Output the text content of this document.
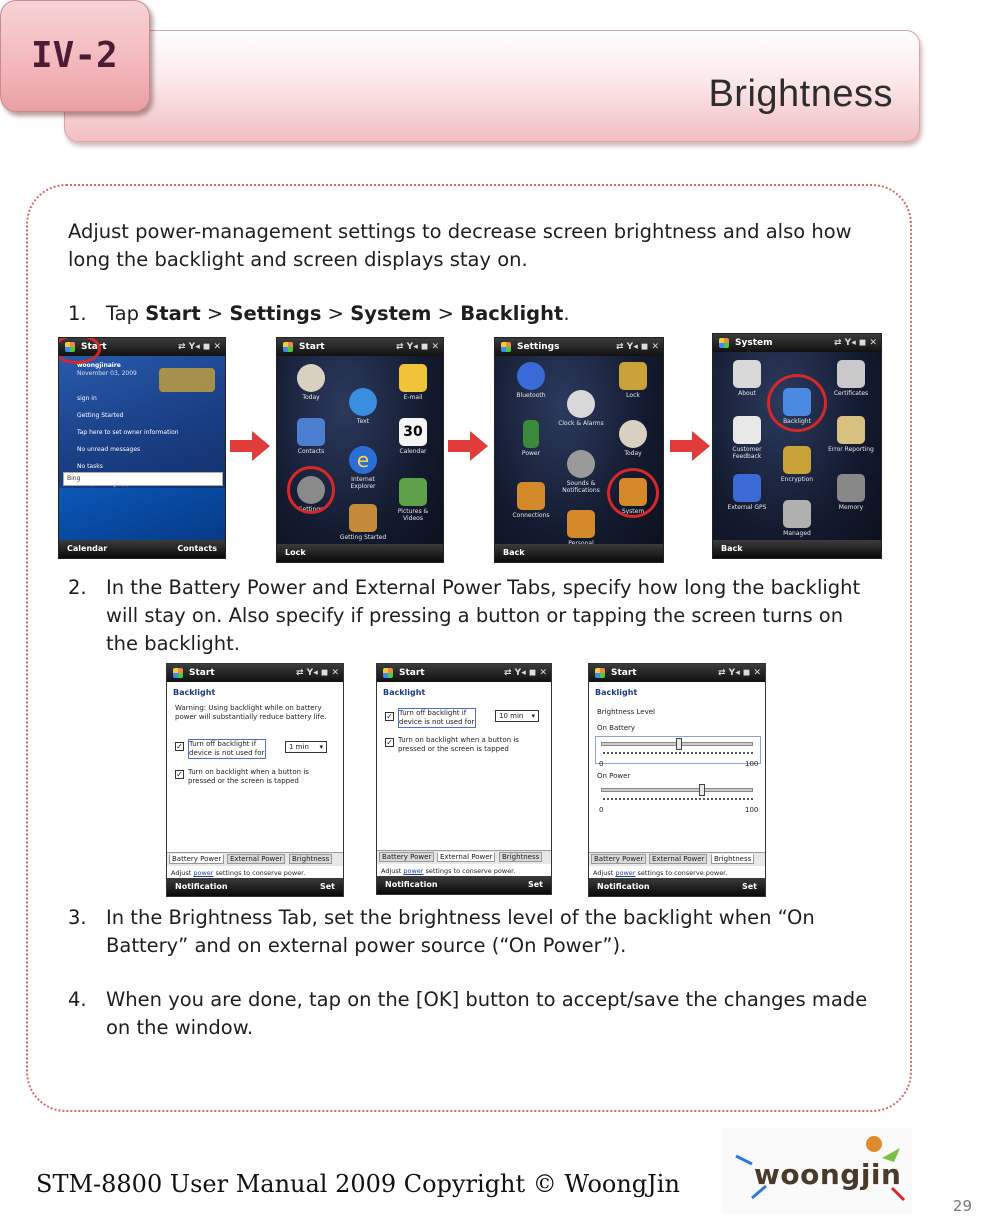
Brightness
IV-2
Adjust power-management settings to decrease screen brightness and also how long the backlight and screen displays stay on.
1. Tap Start > Settings > System > Backlight.
Start	⇄ Y◂ ◼ ✕
woongjinaire
November 03, 2009
sign in
Getting Started
Tap here to set owner information
No unread messages
No tasks
Bing
Calendar	Contacts
Start	⇄ Y◂ ◼ ✕
Today	E-mail
Text
30
Calendar
Contacts	e
Internet Explorer
Settings	Pictures & Videos
Getting Started
Lock
Settings	⇄ Y◂ ◼ ✕
Bluetooth	Lock
Clock & Alarms
Power	Today
Sounds & Notifications
Connections
System
Back
System	⇄ Y◂ ◼ ✕
About	Certificates
Backlight
Customer Feedback
Error Reporting
Encryption
External GPS	Memory
Managed
Back
2. In the Battery Power and External Power Tabs, specify how long the backlight will stay on. Also specify if pressing a button or tapping the screen turns on the backlight.
Start	⇄ Y◂ ◼ ✕
Backlight
Warning: Using backlight while on battery power will substantially reduce battery life.
✓ Turn off backlight if device is not used for
1 min ▾
✓ Turn on backlight when a button is pressed or the screen is tapped
Battery Power	External Power	Brightness
Adjust power settings to conserve power.
Notification	Set
Start	⇄ Y◂ ◼ ✕
Backlight
✓ Turn off backlight if device is not used for
10 min ▾
✓ Turn on backlight when a button is pressed or the screen is tapped
Battery Power	External Power	Brightness
Adjust power settings to conserve power.
Notification	Set
Start	⇄ Y◂ ◼ ✕
Backlight
Brightness Level
On Battery
0	100
On Power
0	100
Battery Power	External Power	Brightness
Adjust power settings to conserve power.
Notification	Set
3. In the Brightness Tab, set the brightness level of the backlight when “On Battery” and on external power source (“On Power”).
4. When you are done, tap on the [OK] button to accept/save the changes made on the window.
STM-8800 User Manual 2009 Copyright © WoongJin	woongjin
29
